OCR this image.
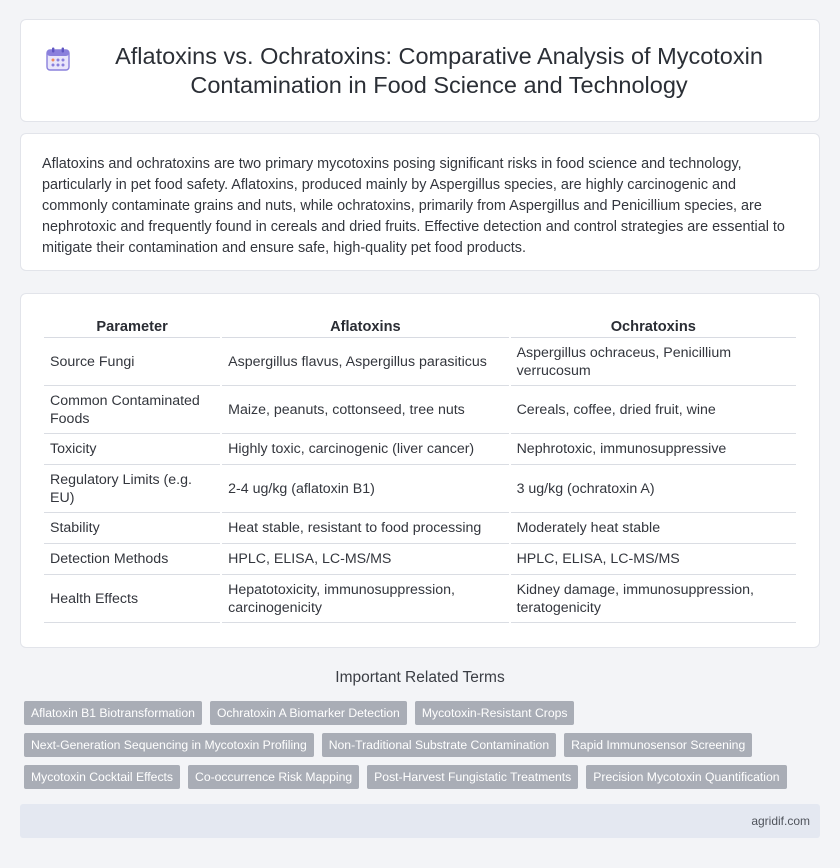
Aflatoxins vs. Ochratoxins: Comparative Analysis of Mycotoxin Contamination in Food Science and Technology

Aflatoxins and ochratoxins are two primary mycotoxins posing significant risks in food science and technology, particularly in pet food safety. Aflatoxins, produced mainly by Aspergillus species, are highly carcinogenic and commonly contaminate grains and nuts, while ochratoxins, primarily from Aspergillus and Penicillium species, are nephrotoxic and frequently found in cereals and dried fruits. Effective detection and control strategies are essential to mitigate their contamination and ensure safe, high-quality pet food products.

Parameter	Aflatoxins	Ochratoxins
Source Fungi	Aspergillus flavus, Aspergillus parasiticus	Aspergillus ochraceus, Penicillium verrucosum
Common Contaminated Foods	Maize, peanuts, cottonseed, tree nuts	Cereals, coffee, dried fruit, wine
Toxicity	Highly toxic, carcinogenic (liver cancer)	Nephrotoxic, immunosuppressive
Regulatory Limits (e.g. EU)	2-4 ug/kg (aflatoxin B1)	3 ug/kg (ochratoxin A)
Stability	Heat stable, resistant to food processing	Moderately heat stable
Detection Methods	HPLC, ELISA, LC-MS/MS	HPLC, ELISA, LC-MS/MS
Health Effects	Hepatotoxicity, immunosuppression, carcinogenicity	Kidney damage, immunosuppression, teratogenicity
Important Related Terms
Aflatoxin B1 Biotransformation	Ochratoxin A Biomarker Detection	Mycotoxin-Resistant Crops
Next-Generation Sequencing in Mycotoxin Profiling	Non-Traditional Substrate Contamination	Rapid Immunosensor Screening
Mycotoxin Cocktail Effects	Co-occurrence Risk Mapping	Post-Harvest Fungistatic Treatments	Precision Mycotoxin Quantification
agridif.com
